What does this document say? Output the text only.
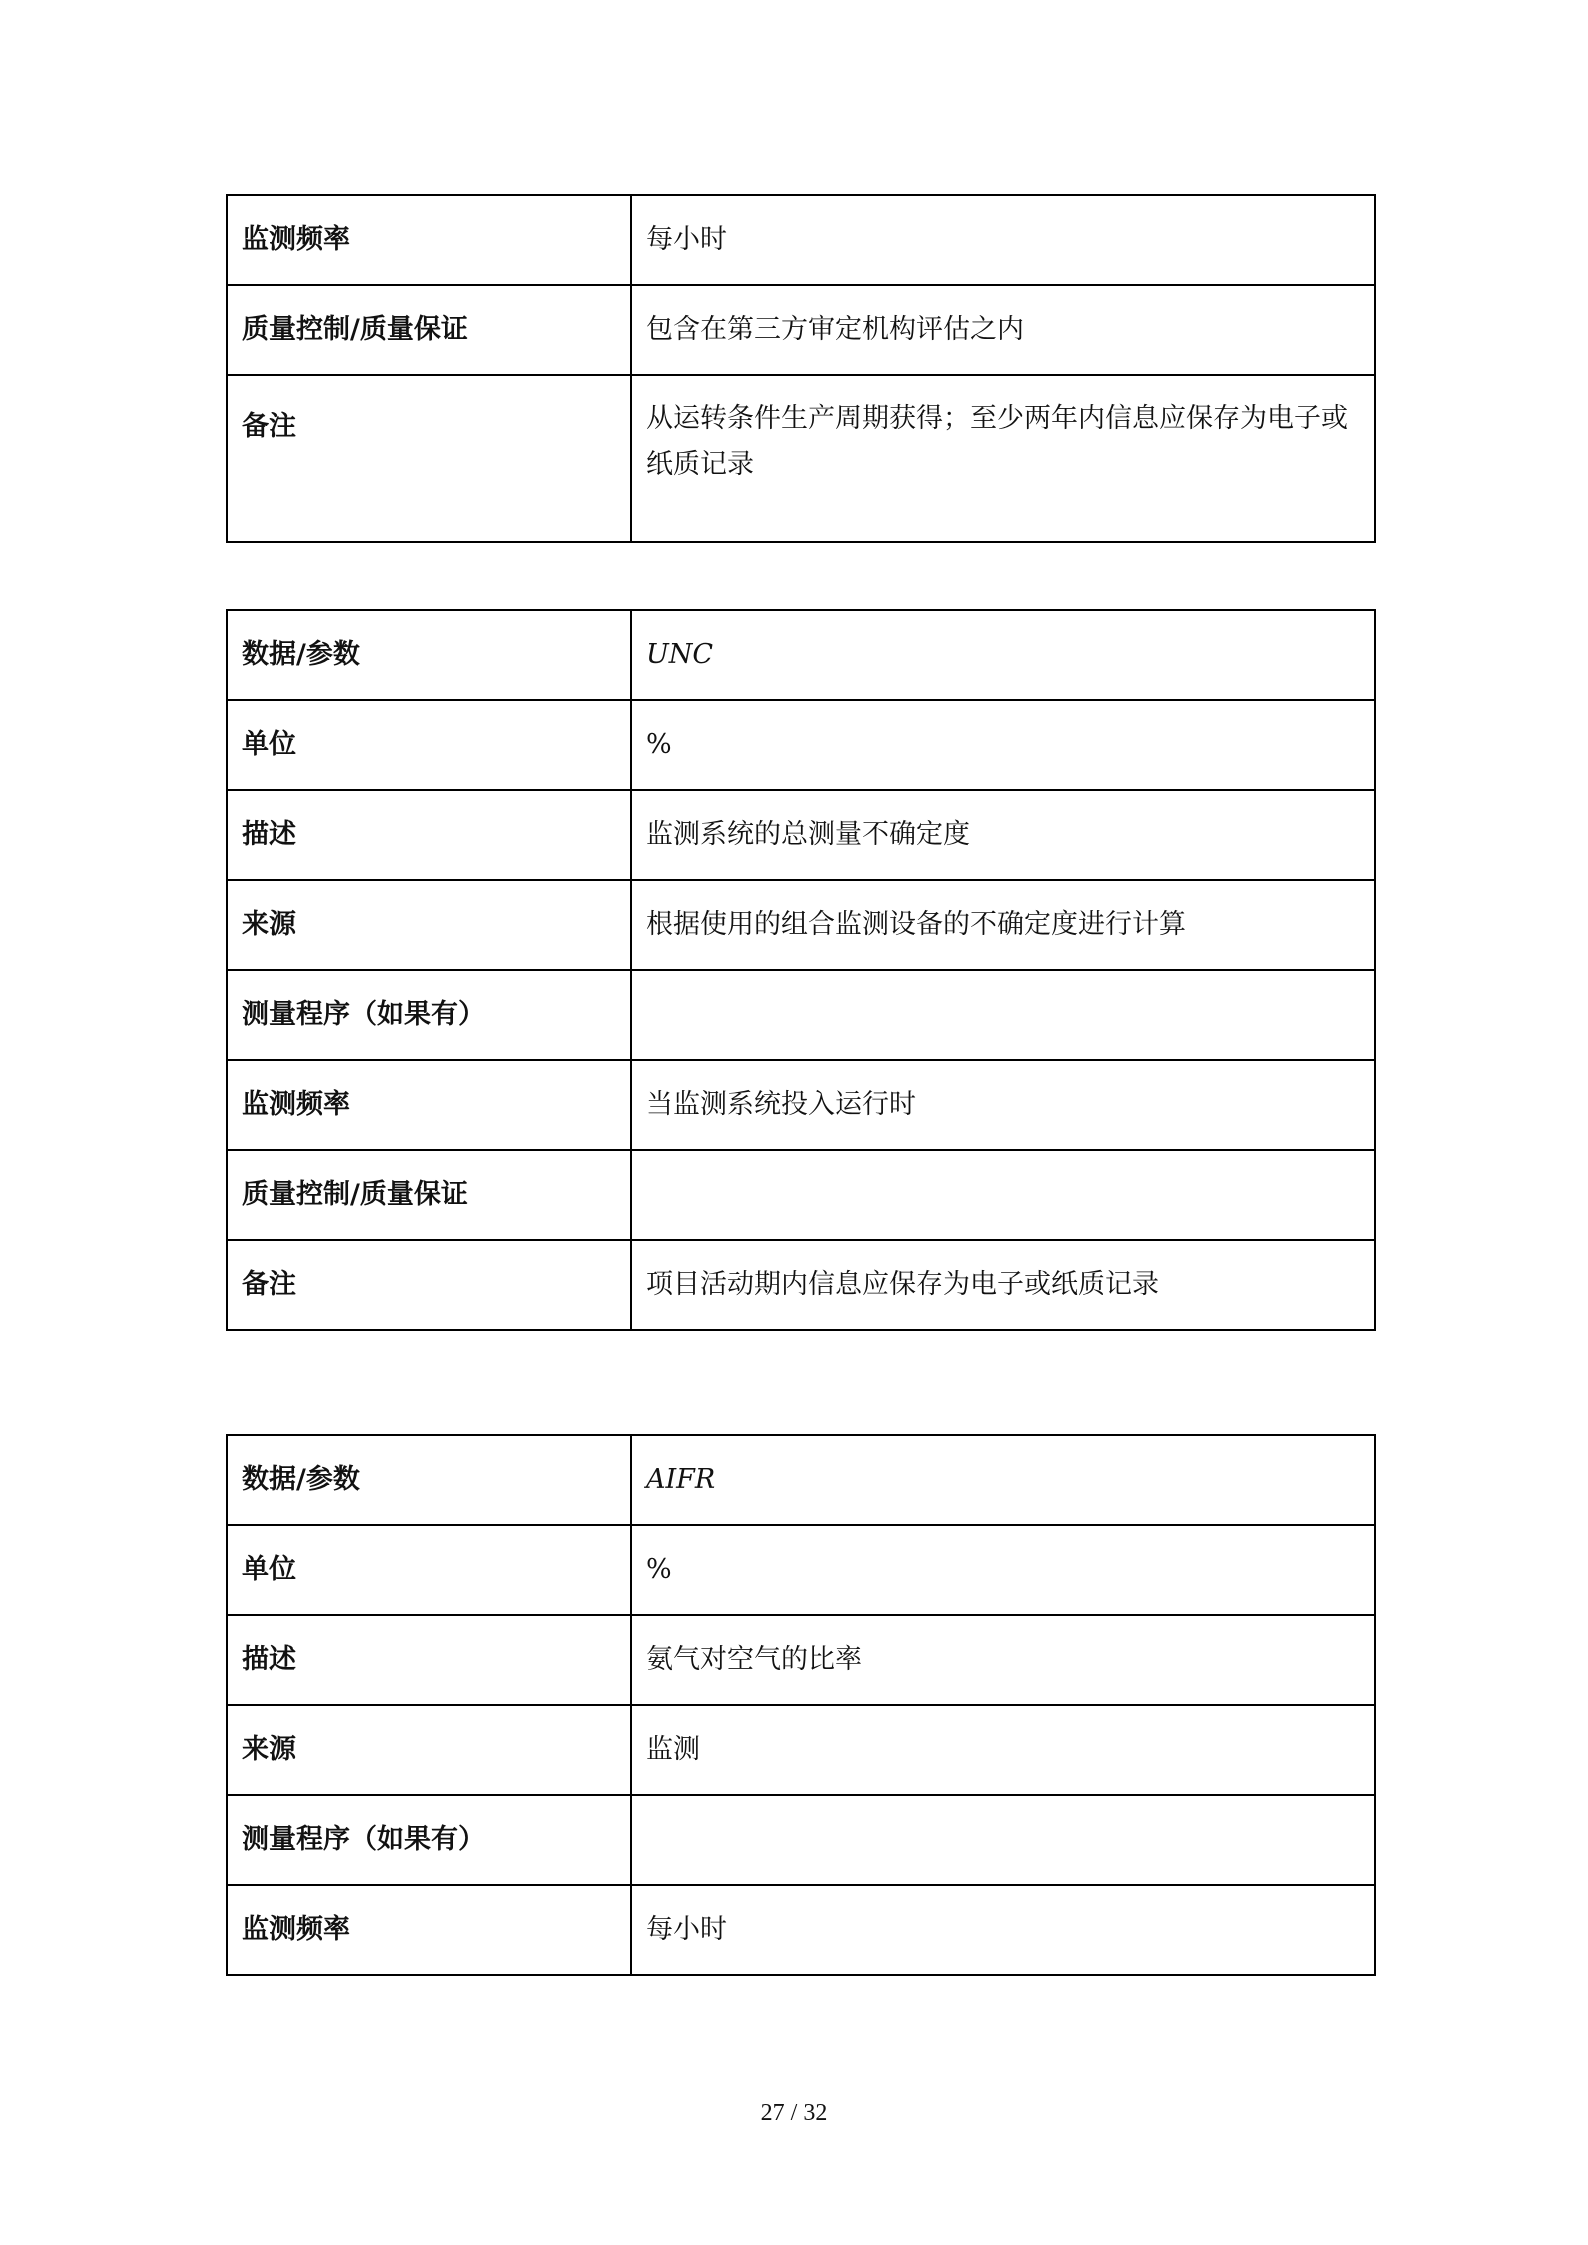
监测频率	每小时
质量控制/质量保证	包含在第三方审定机构评估之内
备注	从运转条件生产周期获得；至少两年内信息应保存为电子或纸质记录
数据/参数	UNC
单位	%
描述	监测系统的总测量不确定度
来源	根据使用的组合监测设备的不确定度进行计算
测量程序（如果有）	
监测频率	当监测系统投入运行时
质量控制/质量保证	
备注	项目活动期内信息应保存为电子或纸质记录
数据/参数	AIFR
单位	%
描述	氨气对空气的比率
来源	监测
测量程序（如果有）	
监测频率	每小时
27 / 32
